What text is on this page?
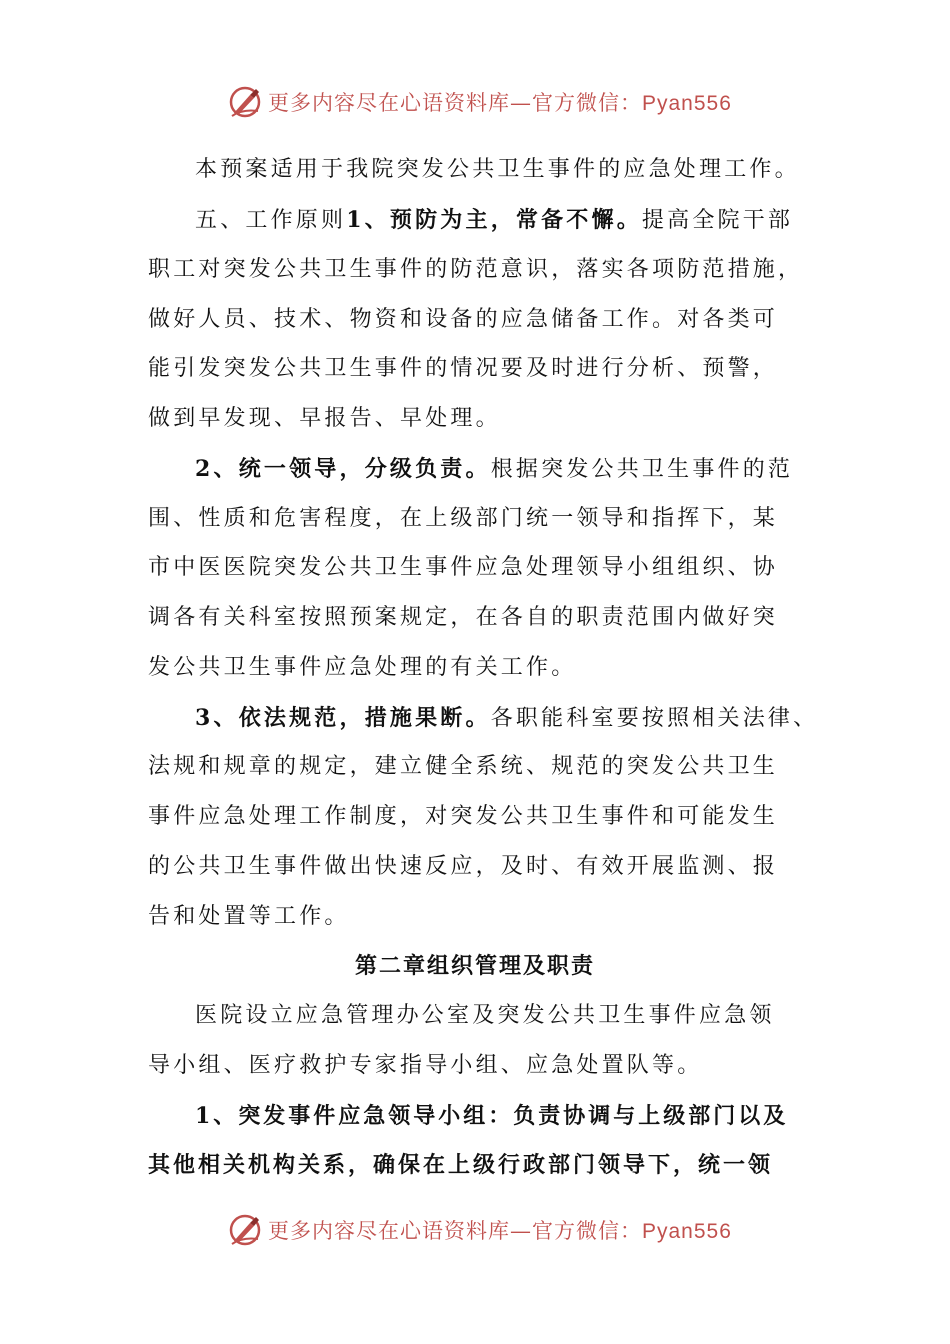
更多内容尽在心语资料库—官方微信：Pyan556
本预案适用于我院突发公共卫生事件的应急处理工作。
五、工作原则1、预防为主，常备不懈。提高全院干部
职工对突发公共卫生事件的防范意识，落实各项防范措施，
做好人员、技术、物资和设备的应急储备工作。对各类可
能引发突发公共卫生事件的情况要及时进行分析、预警，
做到早发现、早报告、早处理。
2、统一领导，分级负责。根据突发公共卫生事件的范
围、性质和危害程度，在上级部门统一领导和指挥下，某
市中医医院突发公共卫生事件应急处理领导小组组织、协
调各有关科室按照预案规定，在各自的职责范围内做好突
发公共卫生事件应急处理的有关工作。
3、依法规范，措施果断。各职能科室要按照相关法律、
法规和规章的规定，建立健全系统、规范的突发公共卫生
事件应急处理工作制度，对突发公共卫生事件和可能发生
的公共卫生事件做出快速反应，及时、有效开展监测、报
告和处置等工作。
第二章组织管理及职责
医院设立应急管理办公室及突发公共卫生事件应急领
导小组、医疗救护专家指导小组、应急处置队等。
1、突发事件应急领导小组：负责协调与上级部门以及
其他相关机构关系，确保在上级行政部门领导下，统一领
更多内容尽在心语资料库—官方微信：Pyan556
